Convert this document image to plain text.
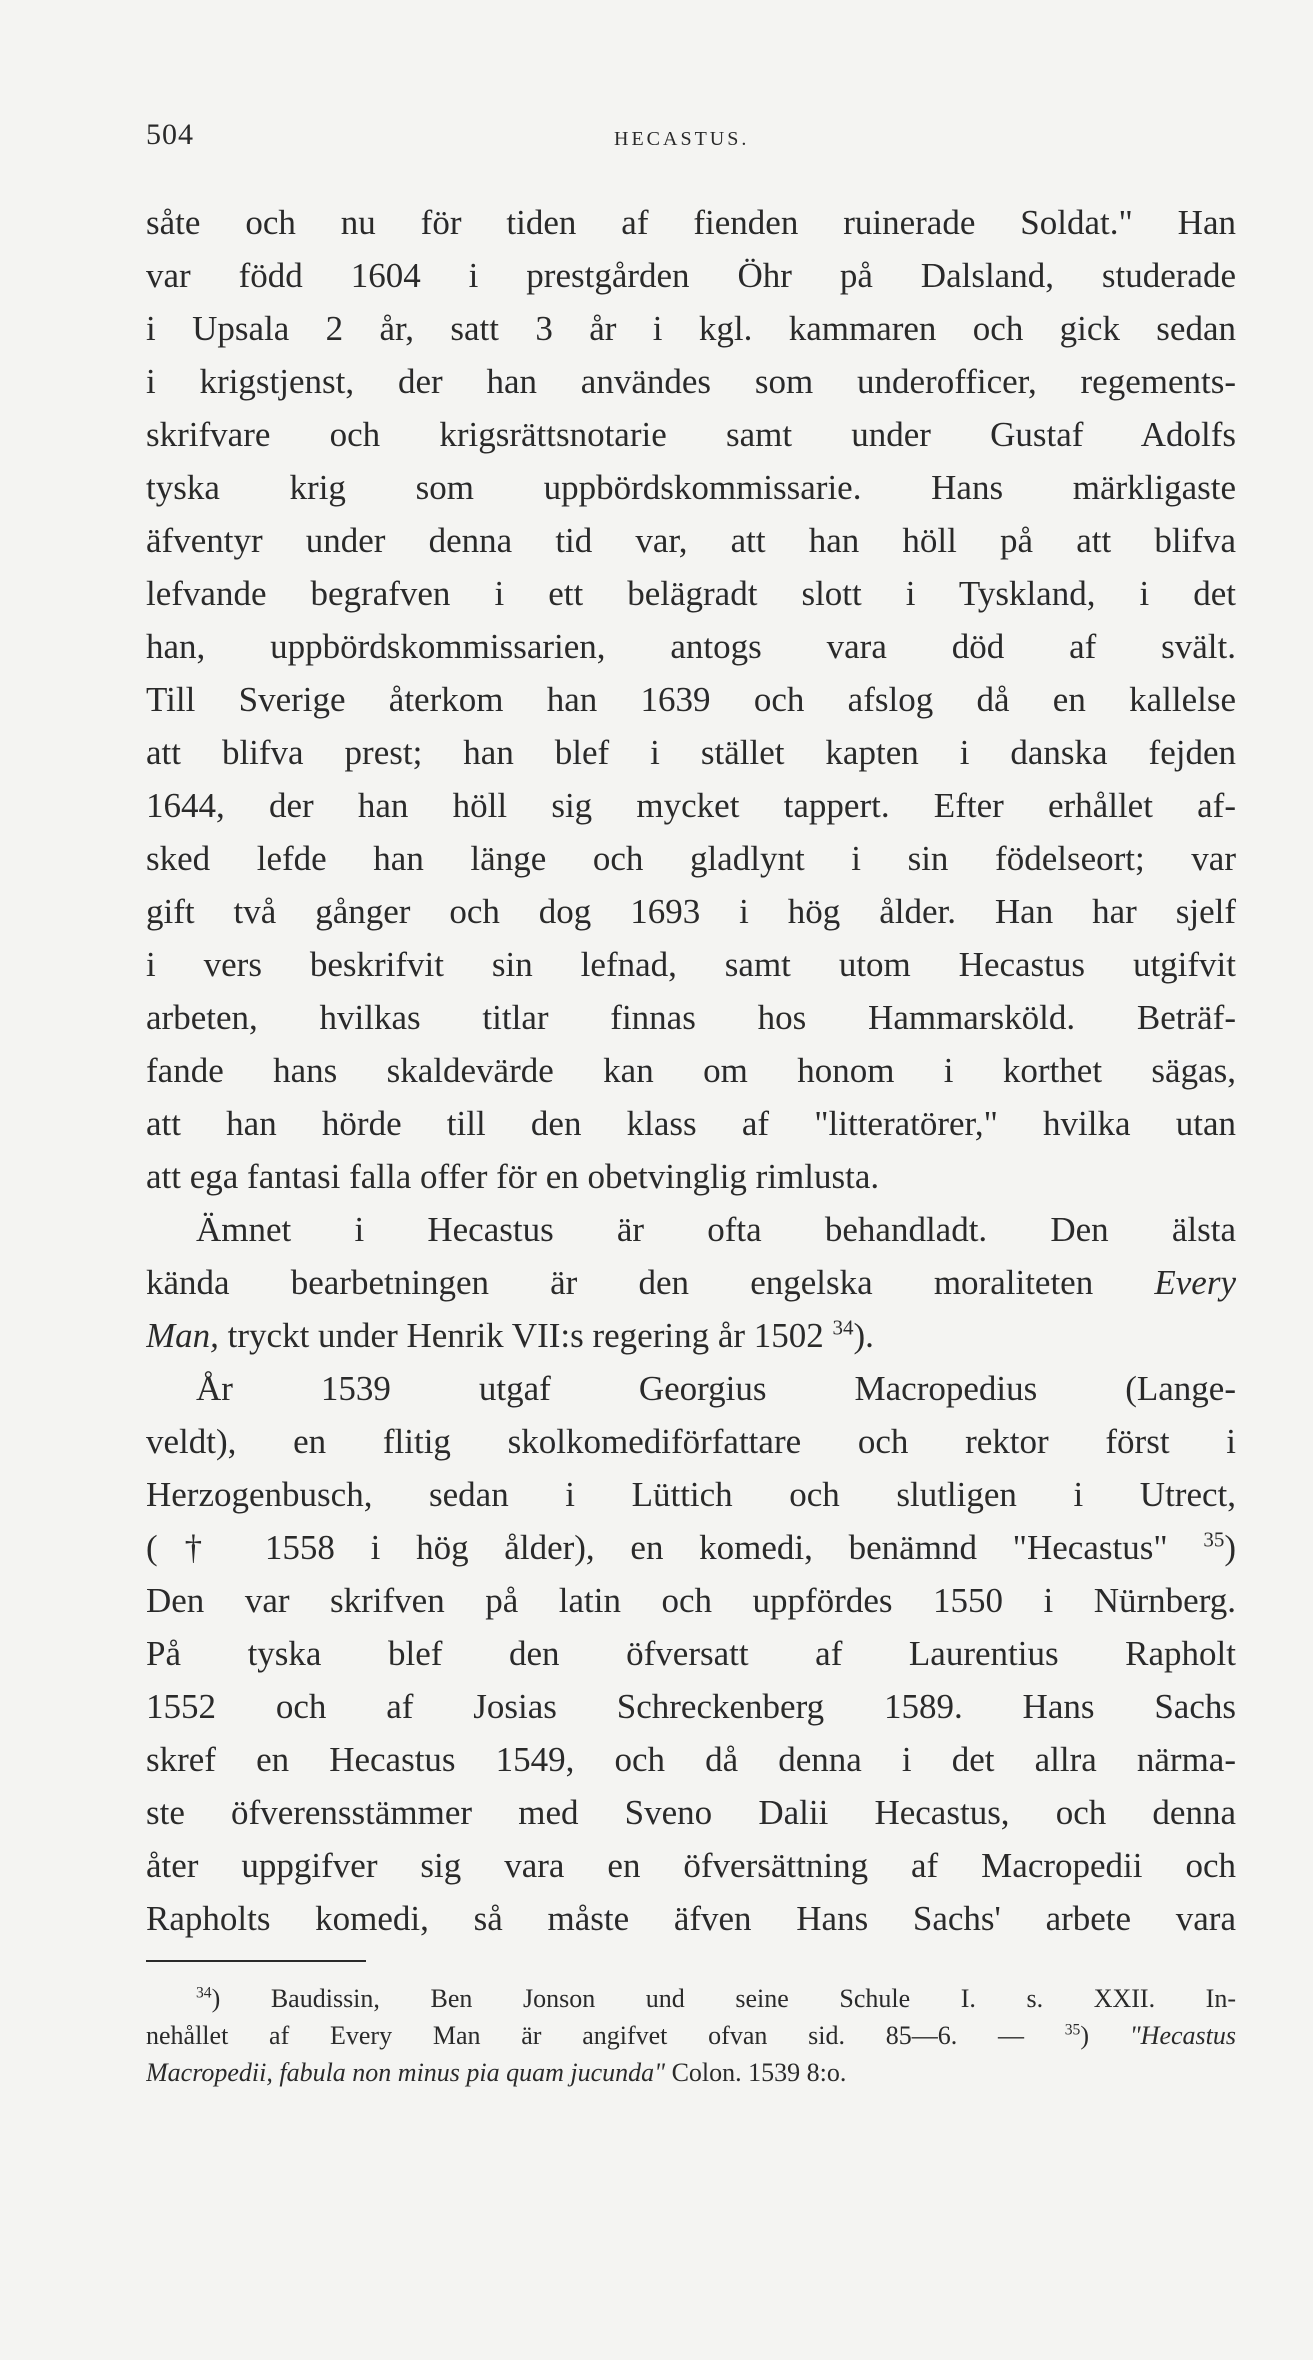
504	HECASTUS.
såte och nu för tiden af fienden ruinerade Soldat." Han
var född 1604 i prestgården Öhr på Dalsland, studerade
i Upsala 2 år, satt 3 år i kgl. kammaren och gick sedan
i krigstjenst, der han användes som underofficer, regements-
skrifvare och krigsrättsnotarie samt under Gustaf Adolfs
tyska krig som uppbördskommissarie. Hans märkligaste
äfventyr under denna tid var, att han höll på att blifva
lefvande begrafven i ett belägradt slott i Tyskland, i det
han, uppbördskommissarien, antogs vara död af svält.
Till Sverige återkom han 1639 och afslog då en kallelse
att blifva prest; han blef i stället kapten i danska fejden
1644, der han höll sig mycket tappert. Efter erhållet af-
sked lefde han länge och gladlynt i sin födelseort; var
gift två gånger och dog 1693 i hög ålder. Han har sjelf
i vers beskrifvit sin lefnad, samt utom Hecastus utgifvit
arbeten, hvilkas titlar finnas hos Hammarsköld. Beträf-
fande hans skaldevärde kan om honom i korthet sägas,
att han hörde till den klass af "litteratörer," hvilka utan
att ega fantasi falla offer för en obetvinglig rimlusta.
Ämnet i Hecastus är ofta behandladt. Den älsta
kända bearbetningen är den engelska moraliteten Every
Man, tryckt under Henrik VII:s regering år 1502 $^{34}$).
År 1539 utgaf Georgius Macropedius (Lange-
veldt), en flitig skolkomediförfattare och rektor först i
Herzogenbusch, sedan i Lüttich och slutligen i Utrect,
(† 1558 i hög ålder), en komedi, benämnd "Hecastus" $^{35}$)
Den var skrifven på latin och uppfördes 1550 i Nürnberg.
På tyska blef den öfversatt af Laurentius Rapholt
1552 och af Josias Schreckenberg 1589. Hans Sachs
skref en Hecastus 1549, och då denna i det allra närma-
ste öfverensstämmer med Sveno Dalii Hecastus, och denna
åter uppgifver sig vara en öfversättning af Macropedii och
Rapholts komedi, så måste äfven Hans Sachs' arbete vara
$^{34}$) Baudissin, Ben Jonson und seine Schule I. s. XXII. In-
nehållet af Every Man är angifvet ofvan sid. 85—6. — $^{35}$) "Hecastus
Macropedii, fabula non minus pia quam jucunda" Colon. 1539 8:o.
